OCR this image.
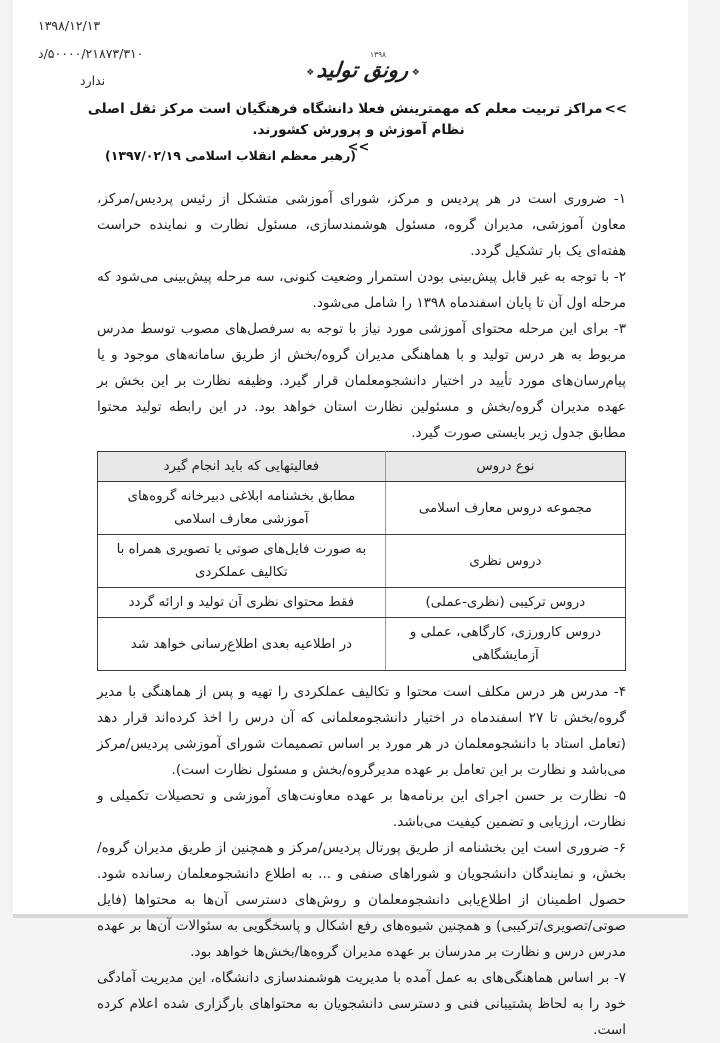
۱۳۹۸/۱۲/۱۳
۵۰۰۰۰/۲۱۸۷۳/۳۱۰/د
ندارد
۱۳۹۸
❖رونق تولید❖
<<مراکز تربیت معلم که مهمترینش فعلا دانشگاه فرهنگیان است مرکز ثقل اصلی نظام آموزش و پرورش کشورند.
<<
(رهبر معظم انقلاب اسلامی ۱۳۹۷/۰۲/۱۹)

۱- ضروری است در هر پردیس و مرکز، شورای آموزشی متشکل از رئیس پردیس/مرکز، معاون آموزشی، مدیران گروه، مسئول هوشمندسازی، مسئول نظارت و نماینده حراست هفته‌ای یک بار تشکیل گردد.

۲- با توجه به غیر قابل پیش‌بینی بودن استمرار وضعیت کنونی، سه مرحله پیش‌بینی می‌شود که مرحله اول آن تا پایان اسفندماه ۱۳۹۸ را شامل می‌شود.

۳- برای این مرحله محتوای آموزشی مورد نیاز با توجه به سرفصل‌های مصوب توسط مدرس مربوط به هر درس تولید و با هماهنگی مدیران گروه/بخش از طریق سامانه‌های موجود و یا پیام‌رسان‌های مورد تأیید در اختیار دانشجومعلمان قرار گیرد. وظیفه نظارت بر این بخش بر عهده مدیران گروه/بخش و مسئولین نظارت استان خواهد بود. در این رابطه تولید محتوا مطابق جدول زیر بایستی صورت گیرد.

نوع دروس	فعالیتهایی که باید انجام گیرد
مجموعه دروس معارف اسلامی	مطابق بخشنامه ابلاغی دبیرخانه گروه‌های آموزشی معارف اسلامی
دروس نظری	به صورت فایل‌های صوتی یا تصویری همراه با تکالیف عملکردی
دروس ترکیبی (نظری-عملی)	فقط محتوای نظری آن تولید و ارائه گردد
دروس کارورزی، کارگاهی، عملی و آزمایشگاهی	در اطلاعیه بعدی اطلاع‌رسانی خواهد شد

۴- مدرس هر درس مکلف است محتوا و تکالیف عملکردی را تهیه و پس از هماهنگی با مدیر گروه/بخش تا ۲۷ اسفندماه در اختیار دانشجومعلمانی که آن درس را اخذ کرده‌اند قرار دهد (تعامل استاد با دانشجومعلمان در هر مورد بر اساس تصمیمات شورای آموزشی پردیس/مرکز می‌باشد و نظارت بر این تعامل بر عهده مدیرگروه/بخش و مسئول نظارت است).

۵- نظارت بر حسن اجرای این برنامه‌ها بر عهده معاونت‌های آموزشی و تحصیلات تکمیلی و نظارت، ارزیابی و تضمین کیفیت می‌باشد.

۶- ضروری است این بخشنامه از طریق پورتال پردیس/مرکز و همچنین از طریق مدیران گروه/بخش، و نمایندگان دانشجویان و شوراهای صنفی و ... به اطلاع دانشجومعلمان رسانده شود. حصول اطمینان از اطلاع‌یابی دانشجومعلمان و روش‌های دسترسی آن‌ها به محتواها (فایل صوتی/تصویری/ترکیبی) و همچنین شیوه‌های رفع اشکال و پاسخگویی به سئوالات آن‌ها بر عهده مدرس درس و نظارت بر مدرسان بر عهده مدیران گروه‌ها/بخش‌ها خواهد بود.

۷- بر اساس هماهنگی‌های به عمل آمده با مدیریت هوشمندسازی دانشگاه، این مدیریت آمادگی خود را به لحاظ پشتیبانی فنی و دسترسی دانشجویان به محتواهای بارگزاری شده اعلام کرده است.
